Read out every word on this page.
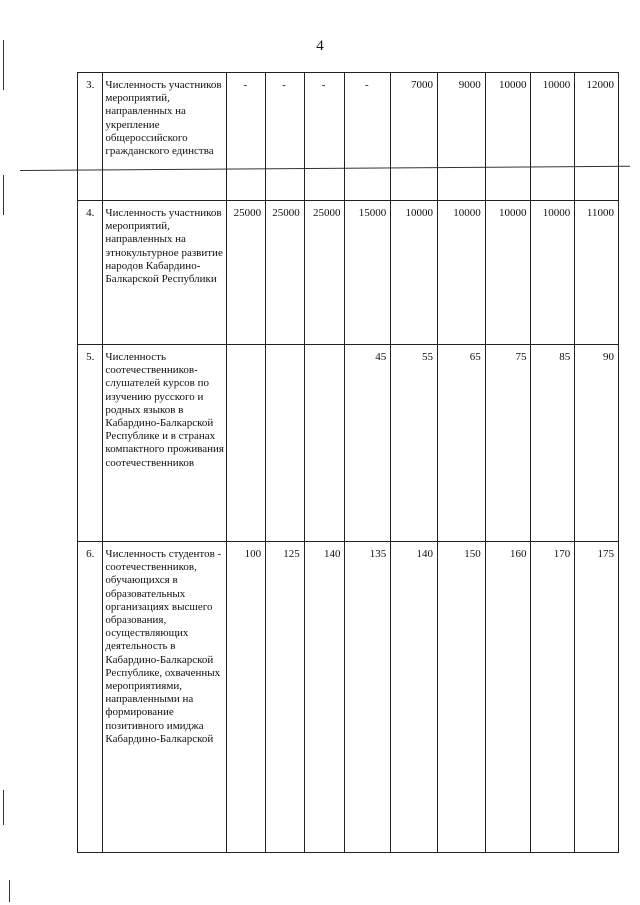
4
3.	Численность участников мероприятий, направленных на укрепление общероссийского гражданского единства	-	-	-	-	7000	9000	10000	10000	12000
4.	Численность участников мероприятий, направленных на этнокультурное развитие народов Кабардино-Балкарской Республики	25000	25000	25000	15000	10000	10000	10000	10000	11000
5.	Численность соотечественников-слушателей курсов по изучению русского и родных языков в Кабардино-Балкарской Республике и в странах компактного проживания соотечественников				45	55	65	75	85	90
6.	Численность студентов - соотечественников, обучающихся в образовательных организациях высшего образования, осуществляющих деятельность в Кабардино-Балкарской Республике, охваченных мероприятиями, направленными на формирование позитивного имиджа Кабардино-Балкарской	100	125	140	135	140	150	160	170	175
